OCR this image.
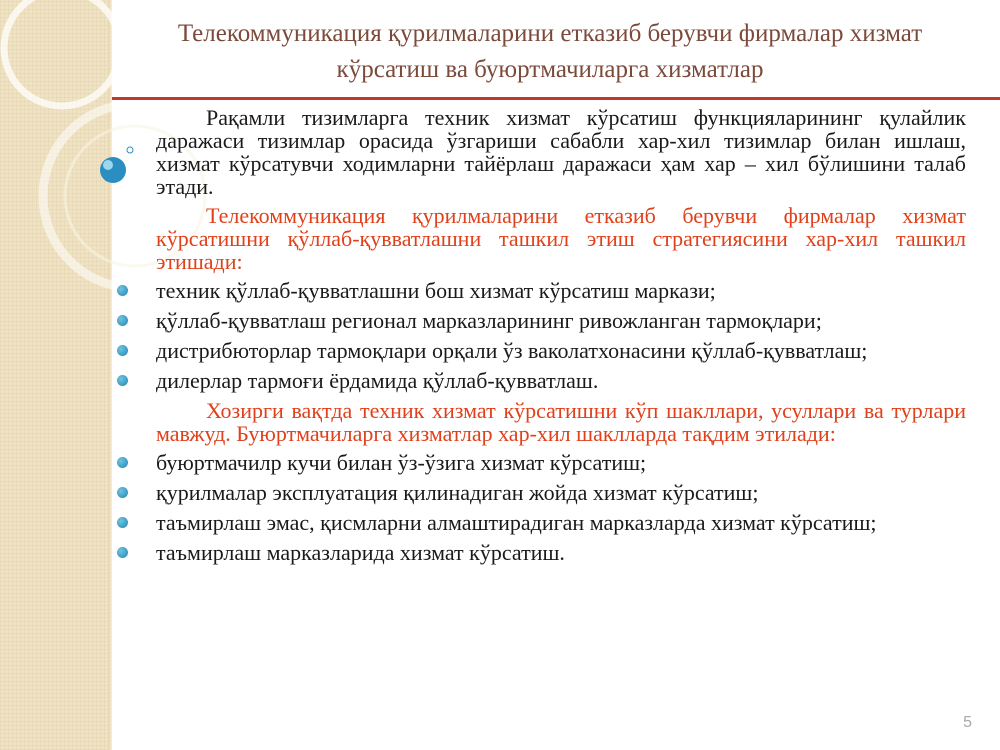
Телекоммуникация қурилмаларини етказиб берувчи фирмалар хизмат

кўрсатиш ва буюртмачиларга хизматлар

Рақамли тизимларга техник хизмат кўрсатиш функцияларининг қулайлик даражаси тизимлар орасида ўзгариши сабабли хар-хил тизимлар билан ишлаш, хизмат кўрсатувчи ходимларни тайёрлаш даражаси ҳам хар – хил бўлишини талаб этади.

Телекоммуникация қурилмаларини етказиб берувчи фирмалар хизмат кўрсатишни қўллаб-қувватлашни ташкил этиш стратегиясини хар-хил ташкил этишади:

техник қўллаб-қувватлашни бош хизмат кўрсатиш маркази;
қўллаб-қувватлаш регионал марказларининг ривожланган тармоқлари;
дистрибюторлар тармоқлари орқали ўз ваколатхонасини қўллаб-қувватлаш;
дилерлар тармоғи ёрдамида қўллаб-қувватлаш.

Хозирги вақтда техник хизмат кўрсатишни кўп шакллари, усуллари ва турлари мавжуд. Буюртмачиларга хизматлар хар-хил шаклларда тақдим этилади:

буюртмачилр кучи билан ўз-ўзига хизмат кўрсатиш;
қурилмалар эксплуатация қилинадиган жойда хизмат кўрсатиш;
таъмирлаш эмас, қисмларни алмаштирадиган марказларда хизмат кўрсатиш;
таъмирлаш марказларида хизмат кўрсатиш.
5
